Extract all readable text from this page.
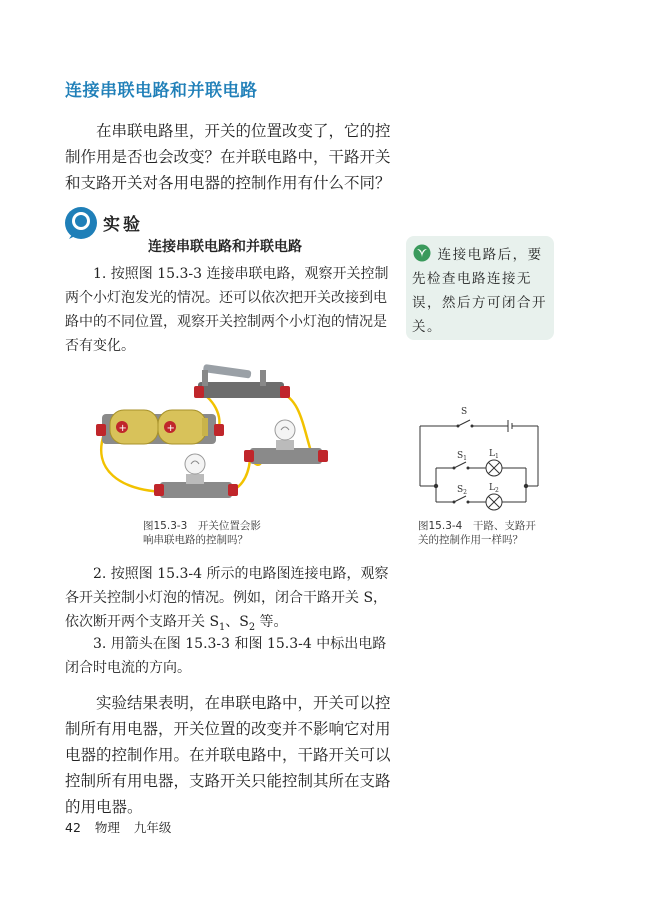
连接串联电路和并联电路

在串联电路里，开关的位置改变了，它的控制作用是否也会改变？在并联电路中，干路开关和支路开关对各用电器的控制作用有什么不同？

实验
连接串联电路和并联电路

1. 按照图 15.3-3 连接串联电路，观察开关控制两个小灯泡发光的情况。还可以依次把开关改接到电路中的不同位置，观察开关控制两个小灯泡的情况是否有变化。

连接电路后，要先检查电路连接无误，然后方可闭合开关。

+	+
图15.3-3　开关位置会影
响串联电路的控制吗？
S
$S_1$
$S_2$
$L_1$
$L_2$
图15.3-4　干路、支路开
关的控制作用一样吗？

2. 按照图 15.3-4 所示的电路图连接电路，观察各开关控制小灯泡的情况。例如，闭合干路开关 S，依次断开两个支路开关 $S_1$、$S_2$ 等。

3. 用箭头在图 15.3-3 和图 15.3-4 中标出电路闭合时电流的方向。

实验结果表明，在串联电路中，开关可以控制所有用电器，开关位置的改变并不影响它对用电器的控制作用。在并联电路中，干路开关可以控制所有用电器，支路开关只能控制其所在支路的用电器。

42 物理 九年级
